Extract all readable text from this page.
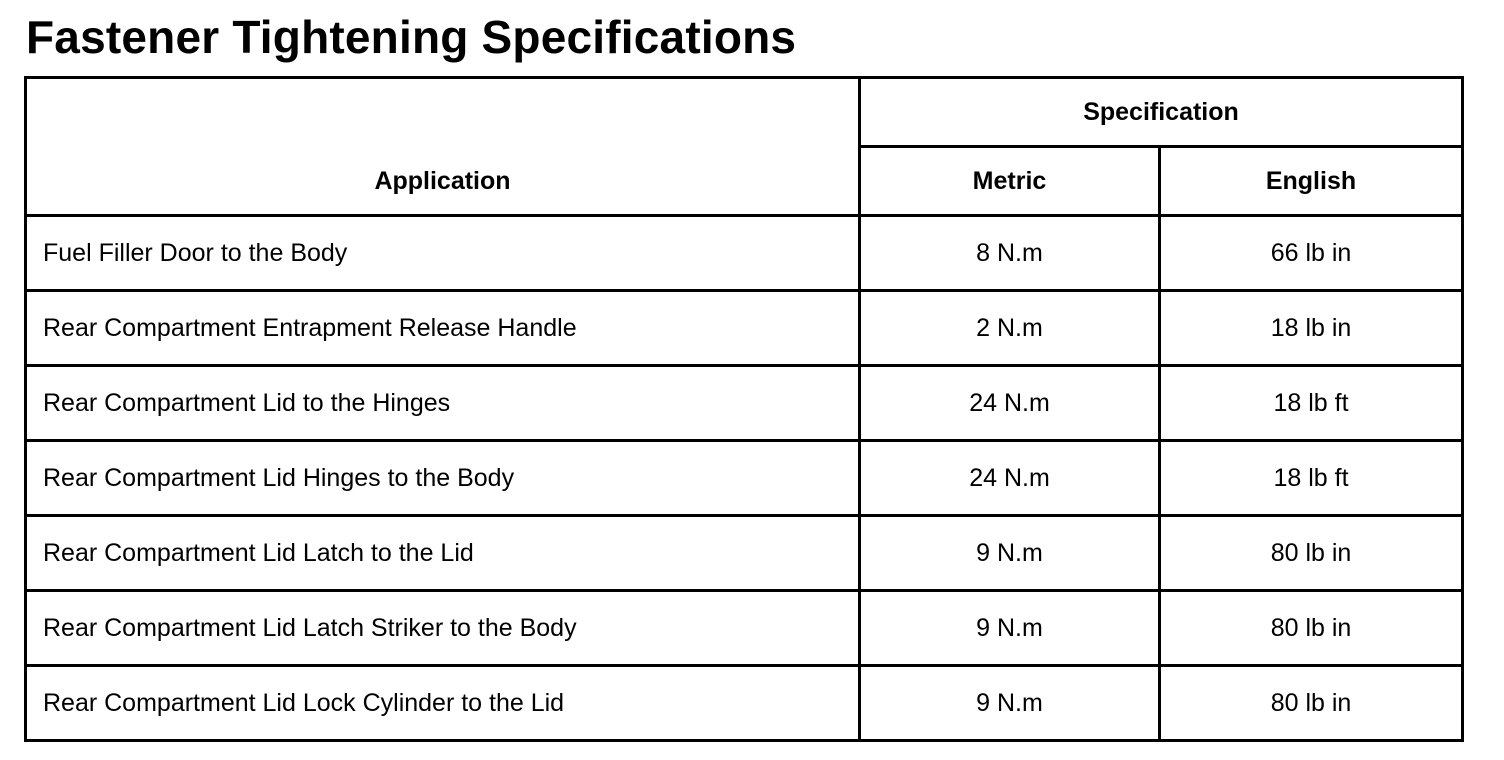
Fastener Tightening Specifications
Application	Specification	
	Metric	English
Fuel Filler Door to the Body	8 N.m	66 lb in
Rear Compartment Entrapment Release Handle	2 N.m	18 lb in
Rear Compartment Lid to the Hinges	24 N.m	18 lb ft
Rear Compartment Lid Hinges to the Body	24 N.m	18 lb ft
Rear Compartment Lid Latch to the Lid	9 N.m	80 lb in
Rear Compartment Lid Latch Striker to the Body	9 N.m	80 lb in
Rear Compartment Lid Lock Cylinder to the Lid	9 N.m	80 lb in
